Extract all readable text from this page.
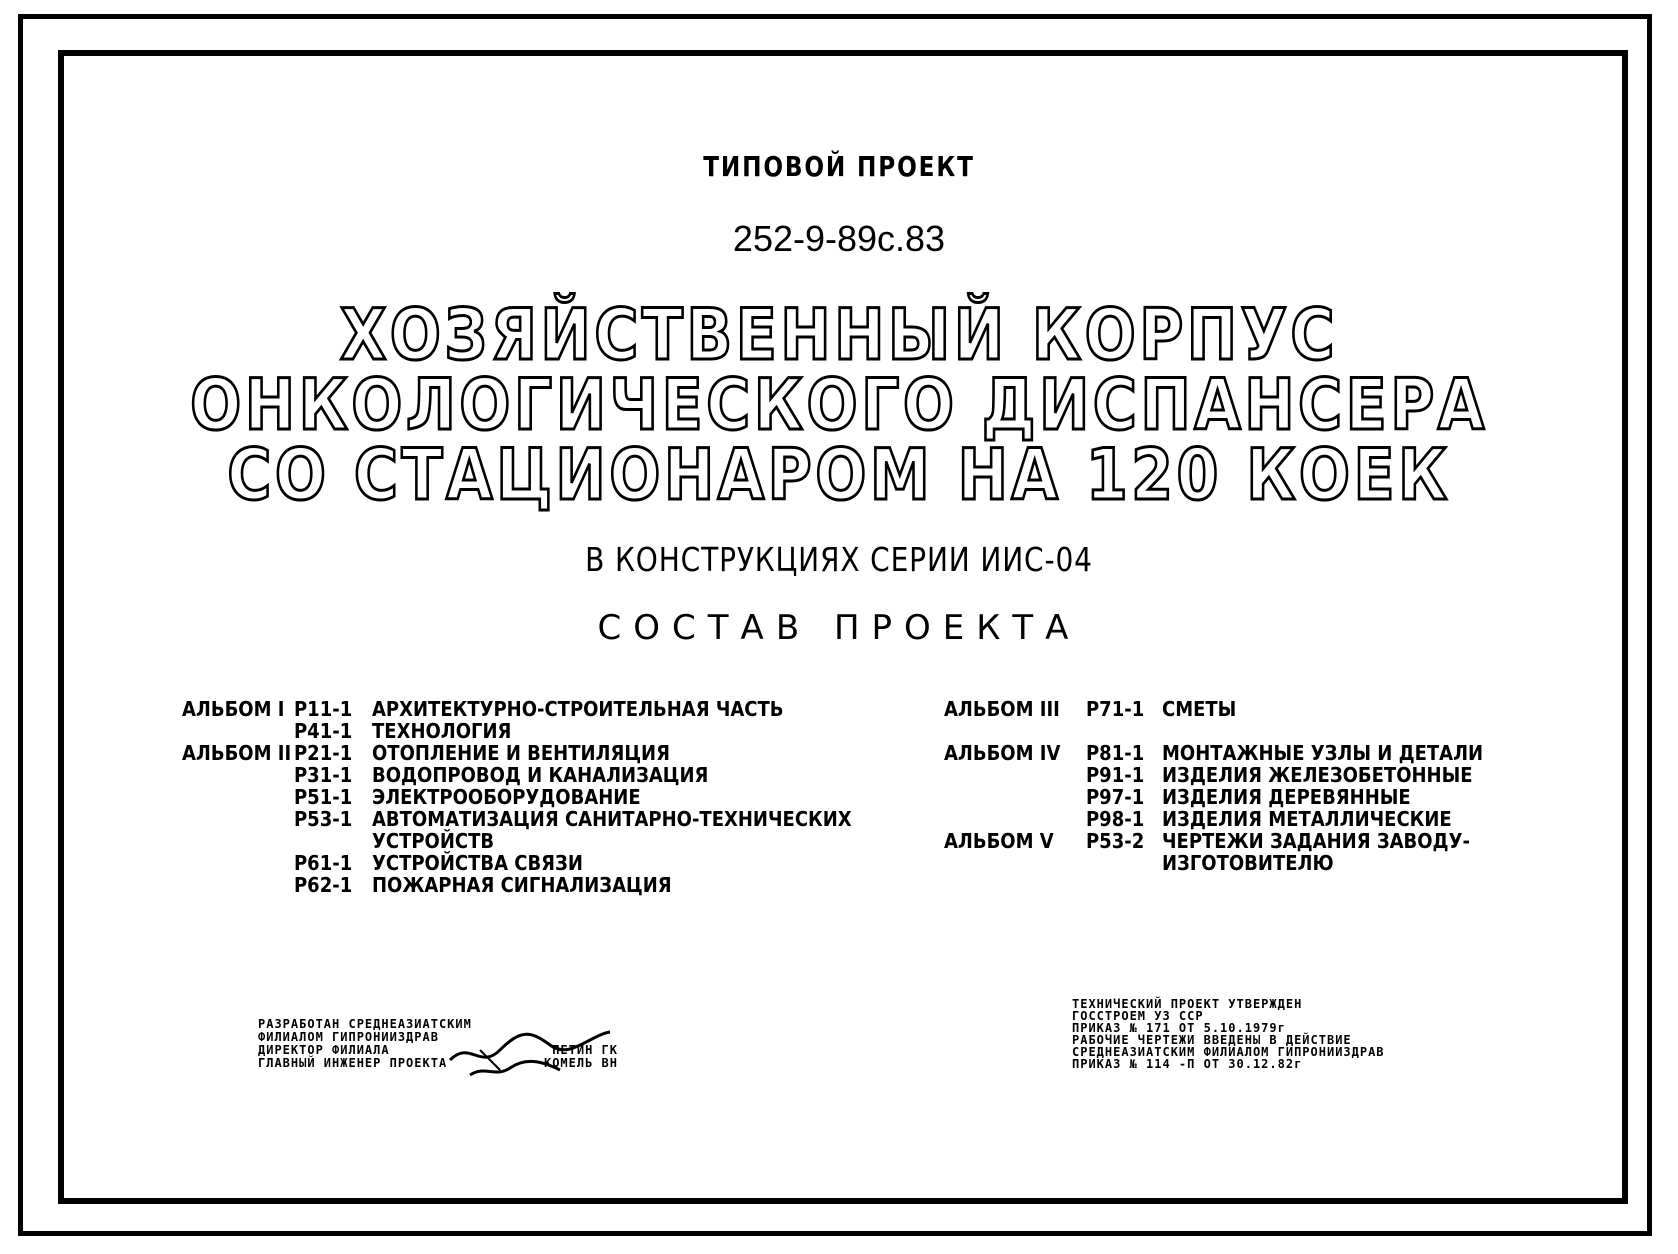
ТИПОВОЙ ПРОЕКТ
252-9-89с.83
ХОЗЯЙСТВЕННЫЙ КОРПУС
ОНКОЛОГИЧЕСКОГО ДИСПАНСЕРА
СО СТАЦИОНАРОМ НА 120 КОЕК
В КОНСТРУКЦИЯХ СЕРИИ ИИС-04
СОСТАВ ПРОЕКТА
АЛЬБОМ I Р11-1 АРХИТЕКТУРНО-СТРОИТЕЛЬНАЯ ЧАСТЬ
Р41-1 ТЕХНОЛОГИЯ
АЛЬБОМ II Р21-1 ОТОПЛЕНИЕ И ВЕНТИЛЯЦИЯ
Р31-1 ВОДОПРОВОД И КАНАЛИЗАЦИЯ
Р51-1 ЭЛЕКТРООБОРУДОВАНИЕ
Р53-1 АВТОМАТИЗАЦИЯ САНИТАРНО-ТЕХНИЧЕСКИХ
УСТРОЙСТВ
Р61-1 УСТРОЙСТВА СВЯЗИ
Р62-1 ПОЖАРНАЯ СИГНАЛИЗАЦИЯ
АЛЬБОМ III Р71-1 СМЕТЫ
АЛЬБОМ IV Р81-1 МОНТАЖНЫЕ УЗЛЫ И ДЕТАЛИ
Р91-1 ИЗДЕЛИЯ ЖЕЛЕЗОБЕТОННЫЕ
Р97-1 ИЗДЕЛИЯ ДЕРЕВЯННЫЕ
Р98-1 ИЗДЕЛИЯ МЕТАЛЛИЧЕСКИЕ
АЛЬБОМ V Р53-2 ЧЕРТЕЖИ ЗАДАНИЯ ЗАВОДУ-
ИЗГОТОВИТЕЛЮ
РАЗРАБОТАН СРЕДНЕАЗИАТСКИМ
ФИЛИАЛОМ ГИПРОНИИЗДРАВ
ДИРЕКТОР ФИЛИАЛА	ПЕТИН ГК
ГЛАВНЫЙ ИНЖЕНЕР ПРОЕКТА	КОМЕЛЬ ВН
ТЕХНИЧЕСКИЙ ПРОЕКТ УТВЕРЖДЕН
ГОССТРОЕМ УЗ ССР
ПРИКАЗ № 171 ОТ 5.10.1979г
РАБОЧИЕ ЧЕРТЕЖИ ВВЕДЕНЫ В ДЕЙСТВИЕ
СРЕДНЕАЗИАТСКИМ ФИЛИАЛОМ ГИПРОНИИЗДРАВ
ПРИКАЗ № 114 -П ОТ 30.12.82г
